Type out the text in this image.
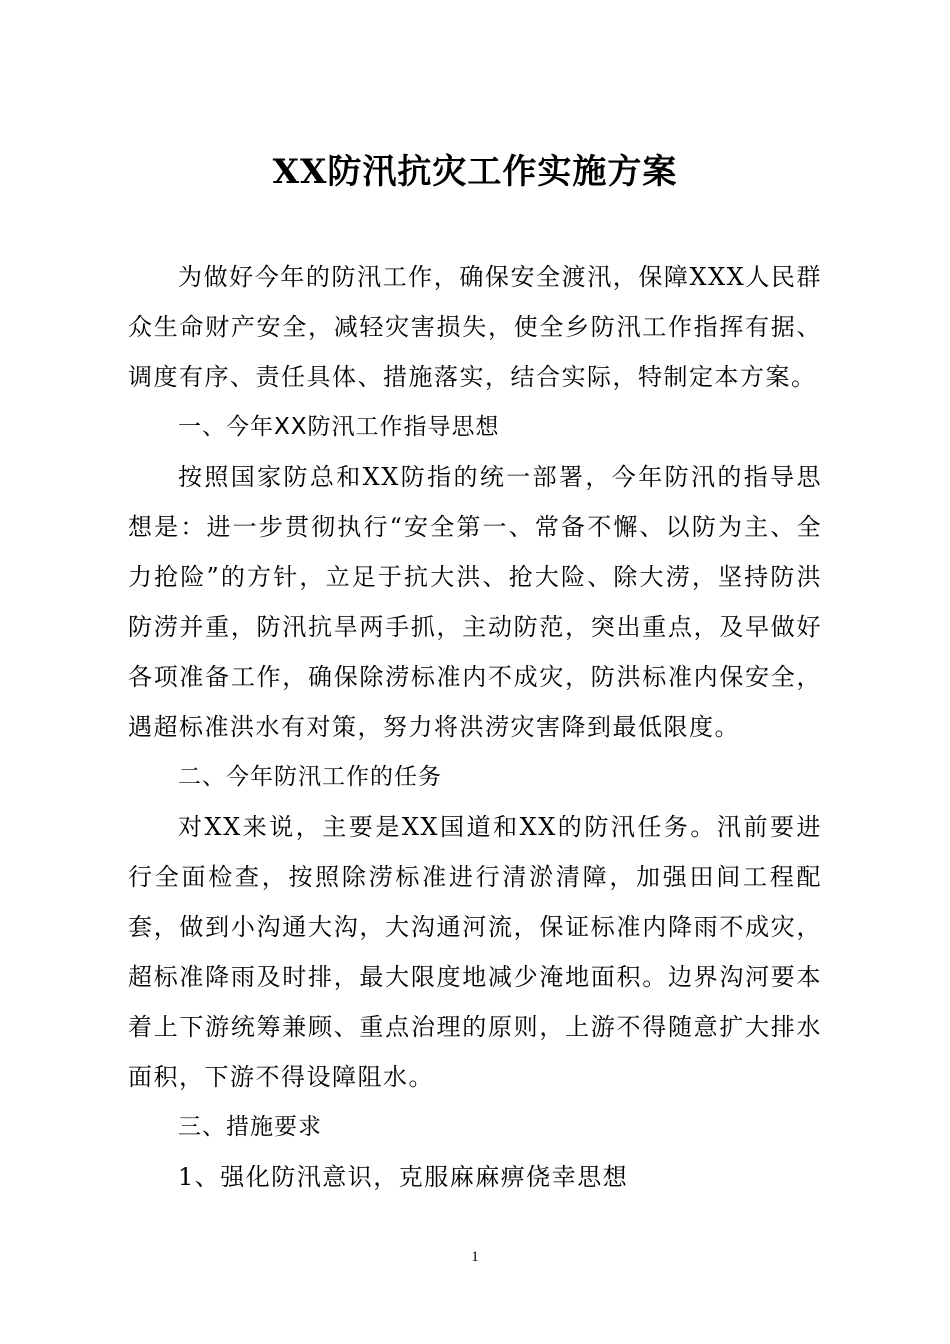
XX防汛抗灾工作实施方案

为做好今年的防汛工作，确保安全渡汛，保障XXX人民群众生命财产安全，减轻灾害损失，使全乡防汛工作指挥有据、调度有序、责任具体、措施落实，结合实际，特制定本方案。

一、今年XX防汛工作指导思想

按照国家防总和XX防指的统一部署，今年防汛的指导思想是：进一步贯彻执行“安全第一、常备不懈、以防为主、全力抢险”的方针，立足于抗大洪、抢大险、除大涝，坚持防洪防涝并重，防汛抗旱两手抓，主动防范，突出重点，及早做好各项准备工作，确保除涝标准内不成灾，防洪标准内保安全，遇超标准洪水有对策，努力将洪涝灾害降到最低限度。

二、今年防汛工作的任务

对XX来说，主要是XX国道和XX的防汛任务。汛前要进行全面检查，按照除涝标准进行清淤清障，加强田间工程配套，做到小沟通大沟，大沟通河流，保证标准内降雨不成灾，超标准降雨及时排，最大限度地减少淹地面积。边界沟河要本着上下游统筹兼顾、重点治理的原则，上游不得随意扩大排水面积，下游不得设障阻水。

三、措施要求

1、强化防汛意识，克服麻麻痹侥幸思想

1
